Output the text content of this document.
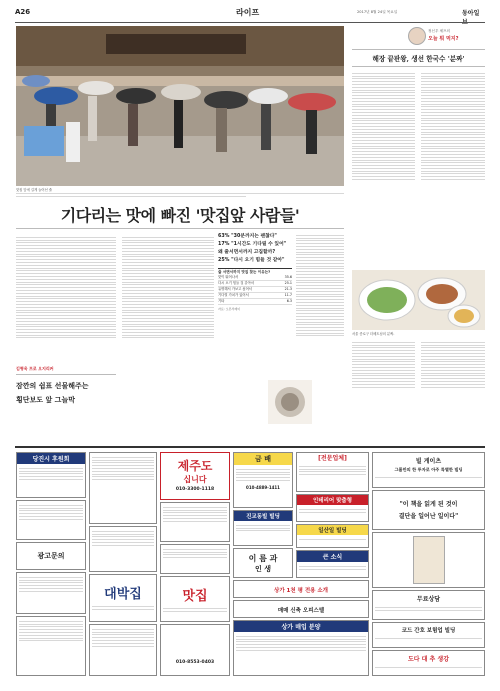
A26	라이프	2017년 8월 24일 목요일	동아일
맛집 앞에 길게 늘어선 줄
기다리는 맛에 빠진 '맛집앞 사람들'
김형욱 프로 오지리커
잠깐의 쉼표 선물해주는
횡단보도 앞 그늘막
63% "30분까지는 괜찮다"
17% "1시간도 기다릴 수 있어"
왜 줄서면서까지 고집할까?
25% "다시 오기 힘들 것 같아"
줄 서면서까지 맛집 찾는 이유는?
맛이 뛰어나서	35.6
다시 오기 힘들 것 같아서	25.1
유명해서 가보고 싶어서	21.3
기다릴 가치가 있어서	11.7
기타	6.3
자료: 오픈서베이
정신우 셰프의
오늘 뭐 먹지?
해장 끝판왕, 생선 한국수 '분짜'
서울 종로구 더베트남의 분짜.
당진시 후원회
광고문의
대박집
제주도
십니다
010-3300-1118
맛집
010-8553-0403
금 배
010-4889-1411
진교동빌 빌딩
이 름 과
인 생
상가 1천 평 전용 소개
매매 신축 오피스텔
상가 매입 분양
[전문업체]
인테리어 맞춤형
일산일 빌딩
큰 소식
빌 게이츠
그룹만의 한 투자로 아주 특별한 빌딩
"이 책을 읽게 된 것이
결단을 일어난 일이다"
무료상담
코드 간호 보험업 빌딩
도다 대 추 생강
